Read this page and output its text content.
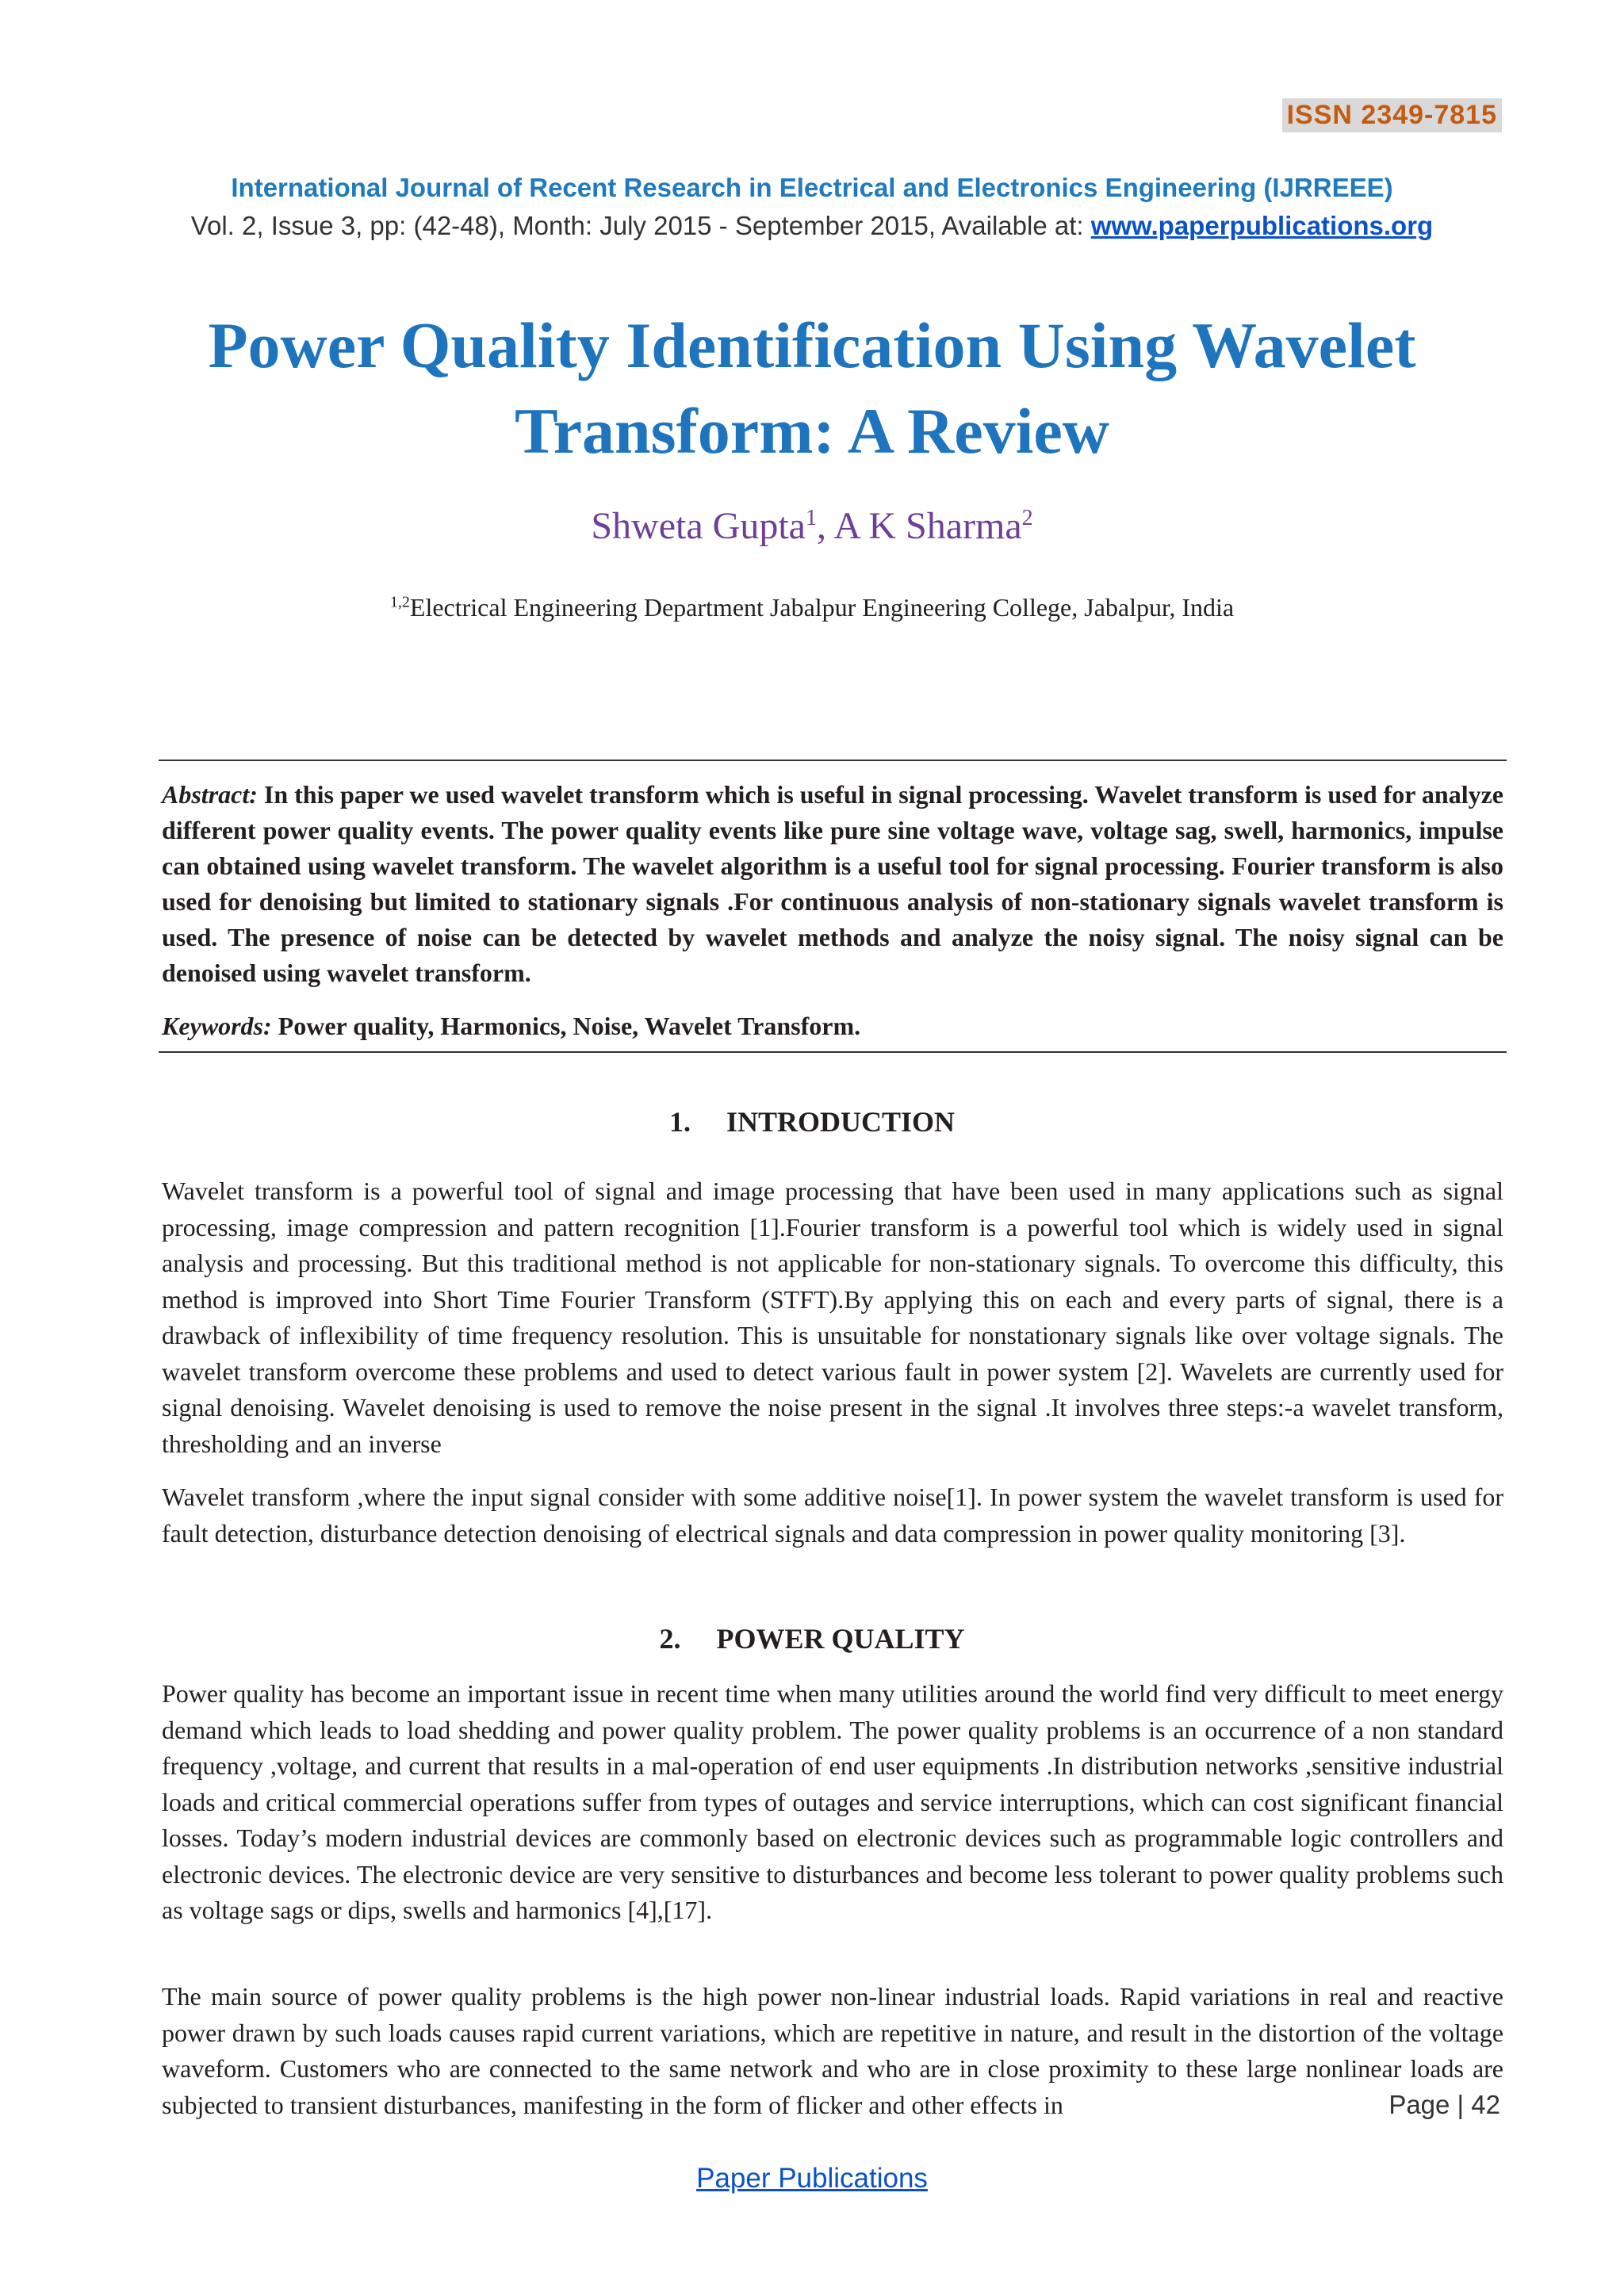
ISSN 2349-7815
International Journal of Recent Research in Electrical and Electronics Engineering (IJRREEE)
Vol. 2, Issue 3, pp: (42-48), Month: July 2015 - September 2015, Available at: www.paperpublications.org
Power Quality Identification Using Wavelet Transform: A Review
Shweta Gupta$^1$, A K Sharma$^2$
$^{1,2}$Electrical Engineering Department Jabalpur Engineering College, Jabalpur, India
Abstract: In this paper we used wavelet transform which is useful in signal processing. Wavelet transform is used for analyze different power quality events. The power quality events like pure sine voltage wave, voltage sag, swell, harmonics, impulse can obtained using wavelet transform. The wavelet algorithm is a useful tool for signal processing. Fourier transform is also used for denoising but limited to stationary signals .For continuous analysis of non-stationary signals wavelet transform is used. The presence of noise can be detected by wavelet methods and analyze the noisy signal. The noisy signal can be denoised using wavelet transform.
Keywords: Power quality, Harmonics, Noise, Wavelet Transform.
1.     INTRODUCTION
Wavelet transform is a powerful tool of signal and image processing that have been used in many applications such as signal processing, image compression and pattern recognition [1].Fourier transform is a powerful tool which is widely used in signal analysis and processing. But this traditional method is not applicable for non-stationary signals. To overcome this difficulty, this method is improved into Short Time Fourier Transform (STFT).By applying this on each and every parts of signal, there is a drawback of inflexibility of time frequency resolution. This is unsuitable for nonstationary signals like over voltage signals. The wavelet transform overcome these problems and used to detect various fault in power system [2]. Wavelets are currently used for signal denoising. Wavelet denoising is used to remove the noise present in the signal .It involves three steps:-a wavelet transform, thresholding and an inverse
Wavelet transform ,where the input signal consider with some additive noise[1]. In power system the wavelet transform is used for fault detection, disturbance detection denoising of electrical signals and data compression in power quality monitoring [3].
2.     POWER QUALITY
Power quality has become an important issue in recent time when many utilities around the world find very difficult to meet energy demand which leads to load shedding and power quality problem. The power quality problems is an occurrence of a non standard frequency ,voltage, and current that results in a mal-operation of end user equipments .In distribution networks ,sensitive industrial loads and critical commercial operations suffer from types of outages and service interruptions, which can cost significant financial losses. Today’s modern industrial devices are commonly based on electronic devices such as programmable logic controllers and electronic devices. The electronic device are very sensitive to disturbances and become less tolerant to power quality problems such as voltage sags or dips, swells and harmonics [4],[17].
The main source of power quality problems is the high power non-linear industrial loads. Rapid variations in real and reactive power drawn by such loads causes rapid current variations, which are repetitive in nature, and result in the distortion of the voltage waveform. Customers who are connected to the same network and who are in close proximity to these large nonlinear loads are subjected to transient disturbances, manifesting in the form of flicker and other effects in	Page | 42
Paper Publications
